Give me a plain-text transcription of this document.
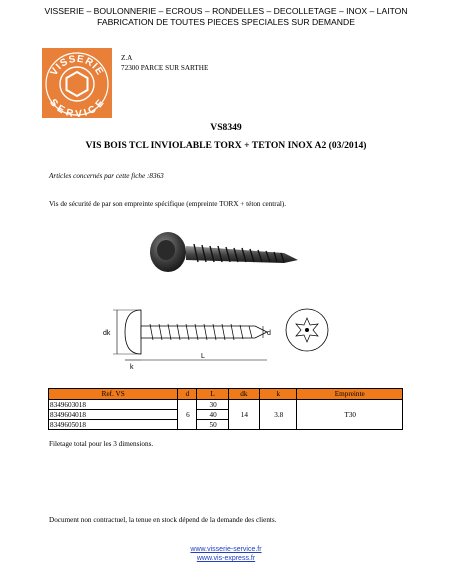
VISSERIE – BOULONNERIE – ECROUS – RONDELLES – DECOLLETAGE – INOX – LAITON
FABRICATION DE TOUTES PIECES SPECIALES SUR DEMANDE
VISSERIE
SERVICE
Z.A
72300 PARCE SUR SARTHE
VS8349
VIS BOIS TCL INVIOLABLE TORX + TETON INOX A2 (03/2014)
Articles concernés par cette fiche :8363
Vis de sécurité de par son empreinte spécifique (empreinte TORX + téton central).
dk	d
k
L
Ref. VS	d	L	dk	k	Empreinte
8349603018	6	30	14	3.8	T30
8349604018		40			
8349605018		50			
Filetage total pour les 3 dimensions.
Document non contractuel, la tenue en stock dépend de la demande des clients.
www.visserie-service.fr
www.vis-express.fr
